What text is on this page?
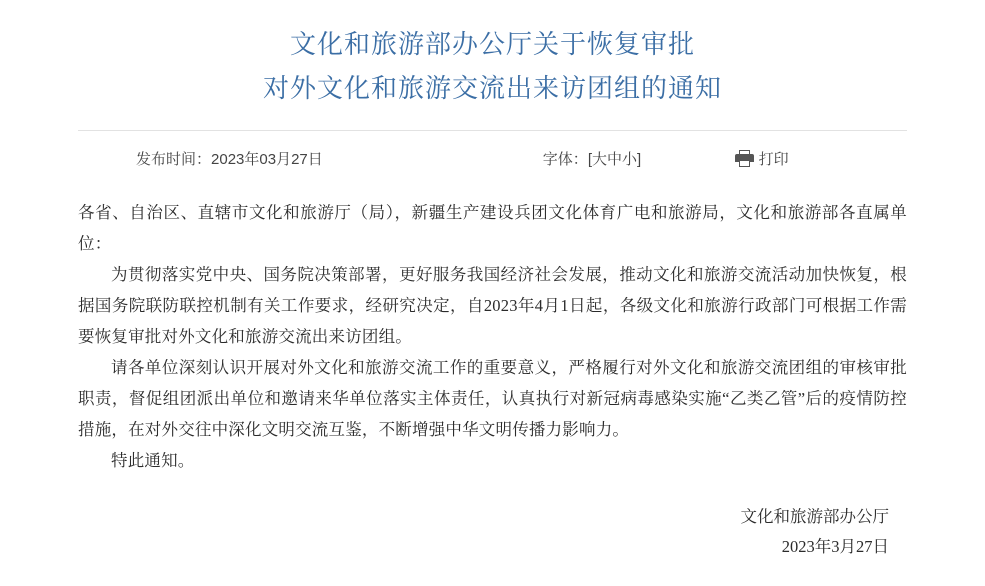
文化和旅游部办公厅关于恢复审批
对外文化和旅游交流出来访团组的通知
发布时间：2023年03月27日	字体：[大中小]	打印

各省、自治区、直辖市文化和旅游厅（局），新疆生产建设兵团文化体育广电和旅游局，文化和旅游部各直属单位：

为贯彻落实党中央、国务院决策部署，更好服务我国经济社会发展，推动文化和旅游交流活动加快恢复，根据国务院联防联控机制有关工作要求，经研究决定，自2023年4月1日起，各级文化和旅游行政部门可根据工作需要恢复审批对外文化和旅游交流出来访团组。

请各单位深刻认识开展对外文化和旅游交流工作的重要意义，严格履行对外文化和旅游交流团组的审核审批职责，督促组团派出单位和邀请来华单位落实主体责任，认真执行对新冠病毒感染实施“乙类乙管”后的疫情防控措施，在对外交往中深化文明交流互鉴，不断增强中华文明传播力影响力。

特此通知。

文化和旅游部办公厅
2023年3月27日
